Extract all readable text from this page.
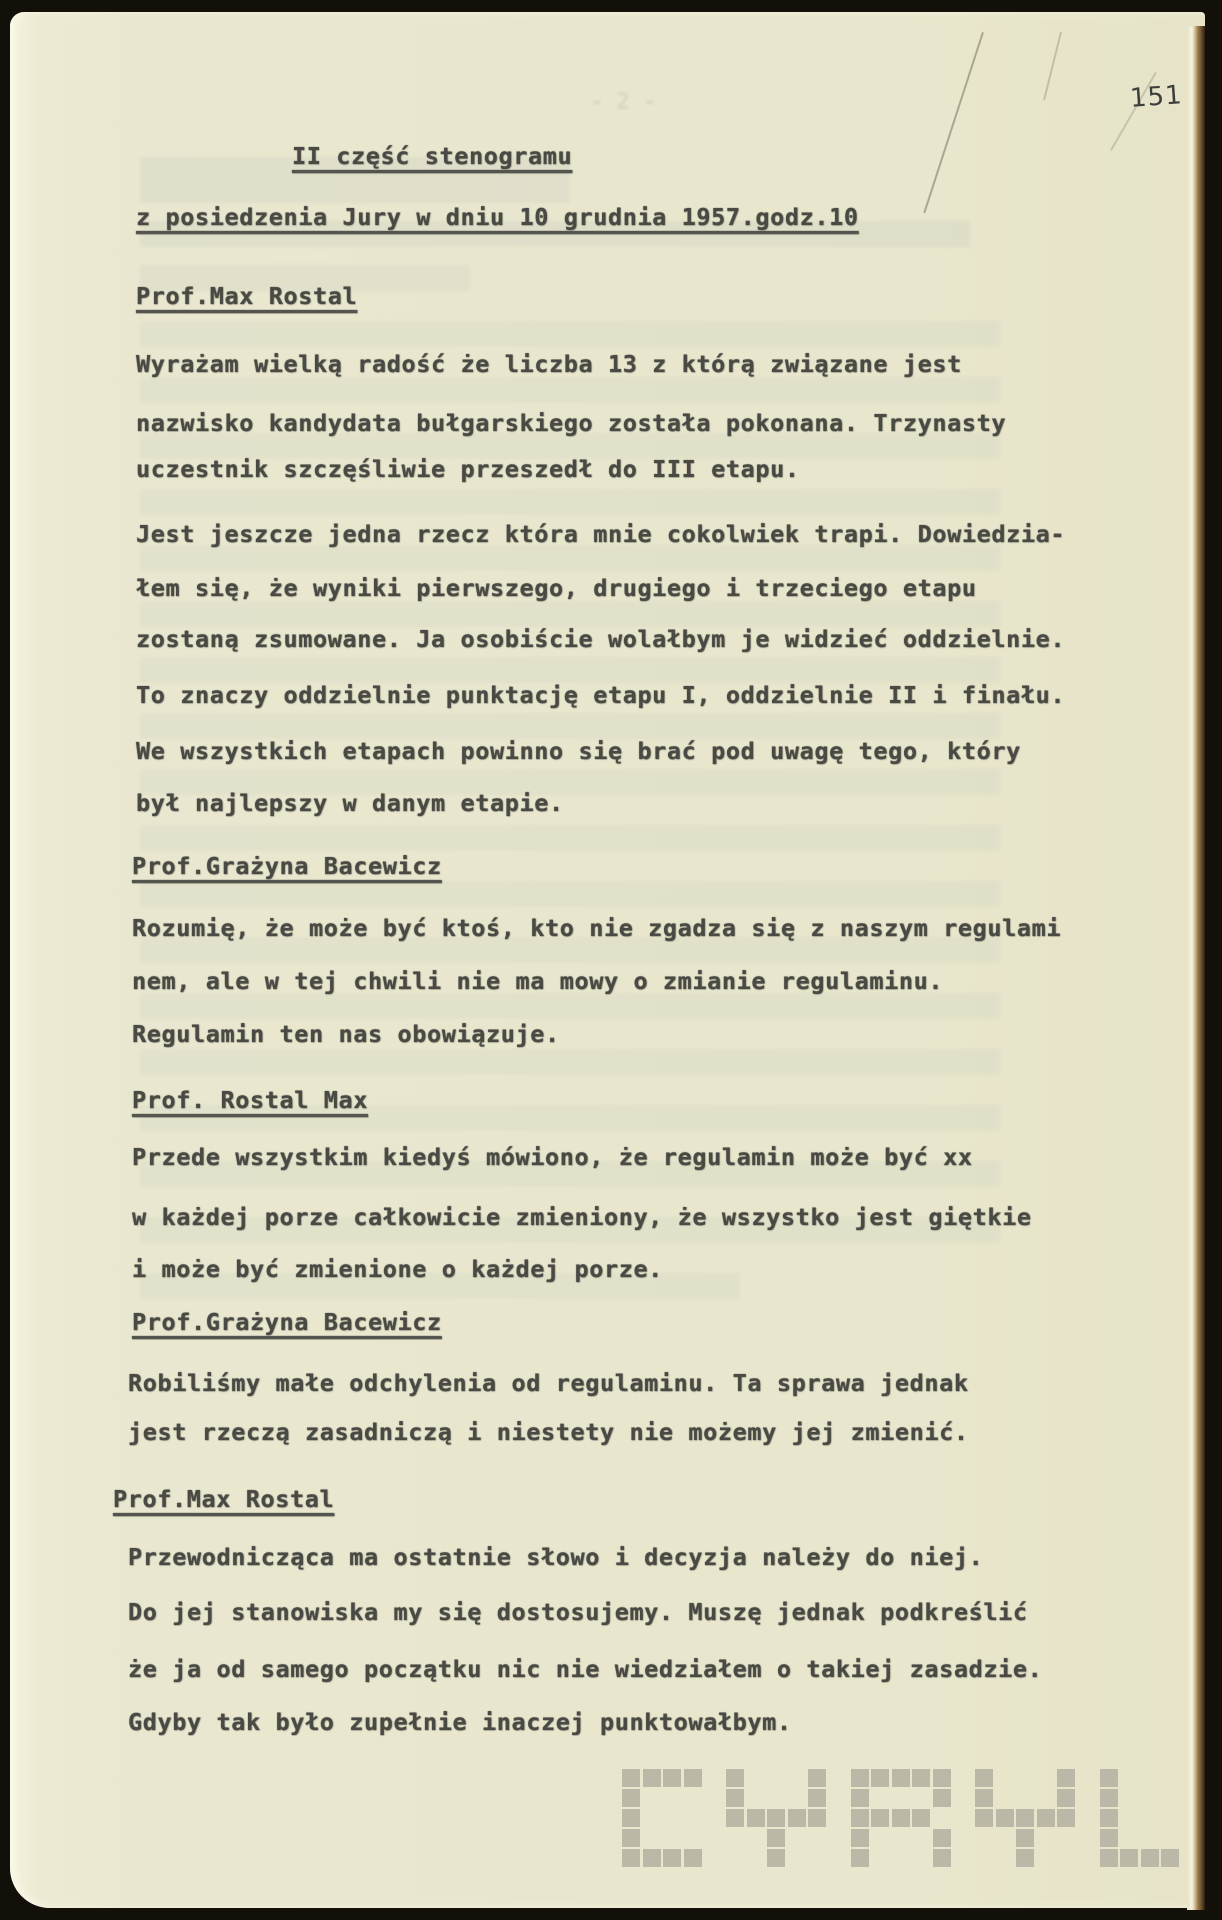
- 2 -	151
II część stenogramu
z posiedzenia Jury w dniu 10 grudnia 1957.godz.10
Prof.Max Rostal
Wyrażam wielką radość że liczba 13 z którą związane jest
nazwisko kandydata bułgarskiego została pokonana. Trzynasty
uczestnik szczęśliwie przeszedł do III etapu.
Jest jeszcze jedna rzecz która mnie cokolwiek trapi. Dowiedzia-
łem się, że wyniki pierwszego, drugiego i trzeciego etapu
zostaną zsumowane. Ja osobiście wolałbym je widzieć oddzielnie.
To znaczy oddzielnie punktację etapu I, oddzielnie II i finału.
We wszystkich etapach powinno się brać pod uwagę tego, który
był najlepszy w danym etapie.
Prof.Grażyna Bacewicz
Rozumię, że może być ktoś, kto nie zgadza się z naszym regulami
nem, ale w tej chwili nie ma mowy o zmianie regulaminu.
Regulamin ten nas obowiązuje.
Prof. Rostal Max
Przede wszystkim kiedyś mówiono, że regulamin może być xx
w każdej porze całkowicie zmieniony, że wszystko jest giętkie
i może być zmienione o każdej porze.
Prof.Grażyna Bacewicz
Robiliśmy małe odchylenia od regulaminu. Ta sprawa jednak
jest rzeczą zasadniczą i niestety nie możemy jej zmienić.
Prof.Max Rostal
Przewodnicząca ma ostatnie słowo i decyzja należy do niej.
Do jej stanowiska my się dostosujemy. Muszę jednak podkreślić
że ja od samego początku nic nie wiedziałem o takiej zasadzie.
Gdyby tak było zupełnie inaczej punktowałbym.
